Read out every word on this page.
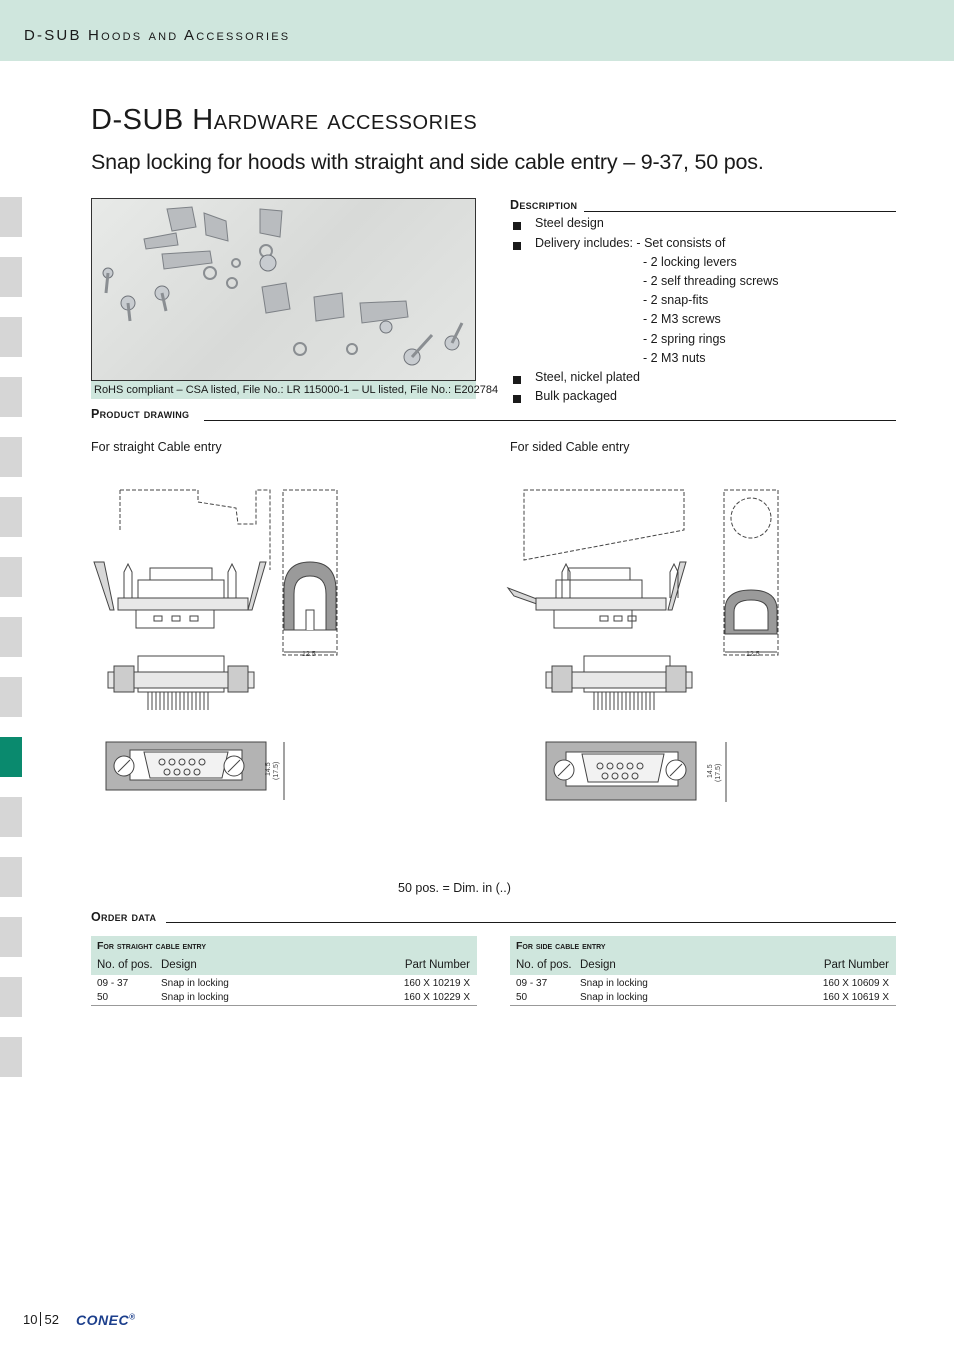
D-SUB Hoods and Accessories
D-SUB Hardware accessories
Snap locking for hoods with straight and side cable entry – 9-37, 50 pos.
RoHS compliant – CSA listed, File No.: LR 115000-1 – UL listed, File No.: E202784
Description
Steel design
Delivery includes: - Set consists of
- 2 locking levers
- 2 self threading screws
- 2 snap-fits
- 2 M3 screws
- 2 spring rings
- 2 M3 nuts
Steel, nickel plated
Bulk packaged
Product drawing
For straight Cable entry	For sided Cable entry
12.5
14.5 (17.5)
12.5
14.5 (17.5)
50 pos. = Dim. in (..)
Order data
For straight cable entry
No. of pos. Design	Part Number
09 - 37	Snap in locking	160 X 10219 X
50	Snap in locking	160 X 10229 X
For side cable entry
No. of pos. Design	Part Number
09 - 37	Snap in locking	160 X 10609 X
50	Snap in locking	160 X 10619 X
10 52 CONEC®
